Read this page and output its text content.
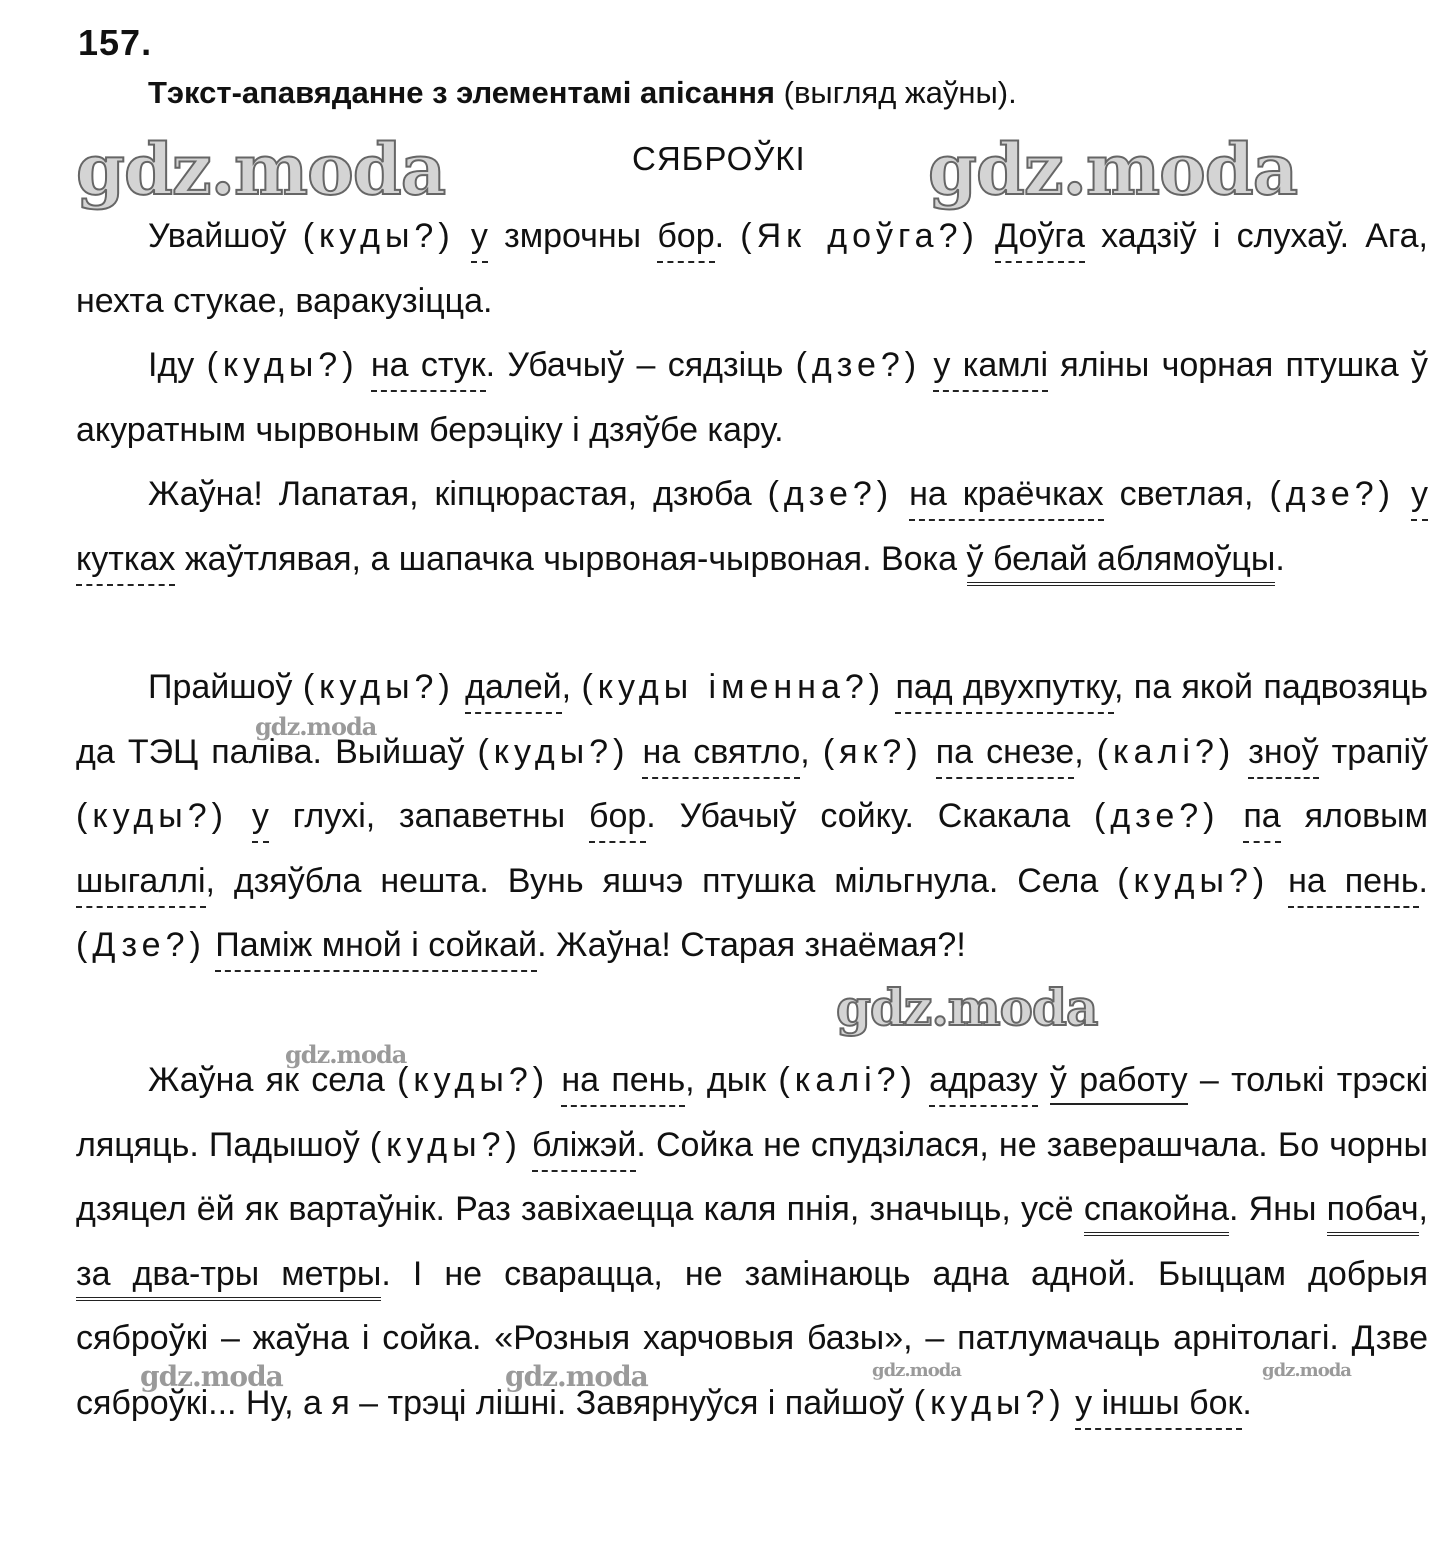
157.
Тэкст-апавяданне з элементамі апісання (выгляд жаўны).
gdz.moda	СЯБРОЎКІ gdz.moda
gdz.moda
gdz.moda
gdz.moda
gdz.moda	gdz.moda	gdz.moda	gdz.moda

Увайшоў (куды?) у змрочны бор. (Як доўга?) Доўга хадзіў і слухаў. Ага, нехта стукае, варакузіцца.

Іду (куды?) на стук. Убачыў – сядзіць (дзе?) у камлі яліны чорная птушка ў акуратным чырвоным берэціку і дзяўбе кару.

Жаўна! Лапатая, кіпцюрастая, дзюба (дзе?) на краёчках светлая, (дзе?) у кутках жаўтлявая, а шапачка чырвоная-чырвоная. Вока ў белай аблямоўцы.

Прайшоў (куды?) далей, (куды іменна?) пад двухпутку, па якой падвозяць да ТЭЦ паліва. Выйшаў (куды?) на святло, (як?) па снезе, (калі?) зноў трапіў (куды?) у глухі, запаветны бор. Убачыў сойку. Скакала (дзе?) па яловым шыгаллі, дзяўбла нешта. Вунь яшчэ птушка мільгнула. Села (куды?) на пень. (Дзе?) Паміж мной і сойкай. Жаўна! Старая знаёмая?!

Жаўна як села (куды?) на пень, дык (калі?) адразу ў работу – толькі трэскі ляцяць. Падышоў (куды?) бліжэй. Сойка не спудзілася, не заверашчала. Бо чорны дзяцел ёй як вартаўнік. Раз завіхаецца каля пнія, значыць, усё спакойна. Яны побач, за два-тры метры. І не сварацца, не замінаюць адна адной. Быццам добрыя сяброўкі – жаўна і сойка. «Розныя харчовыя базы», – патлумачаць арнітолагі. Дзве сяброўкі... Ну, а я – трэці лішні. Завярнуўся і пайшоў (куды?) у іншы бок.
